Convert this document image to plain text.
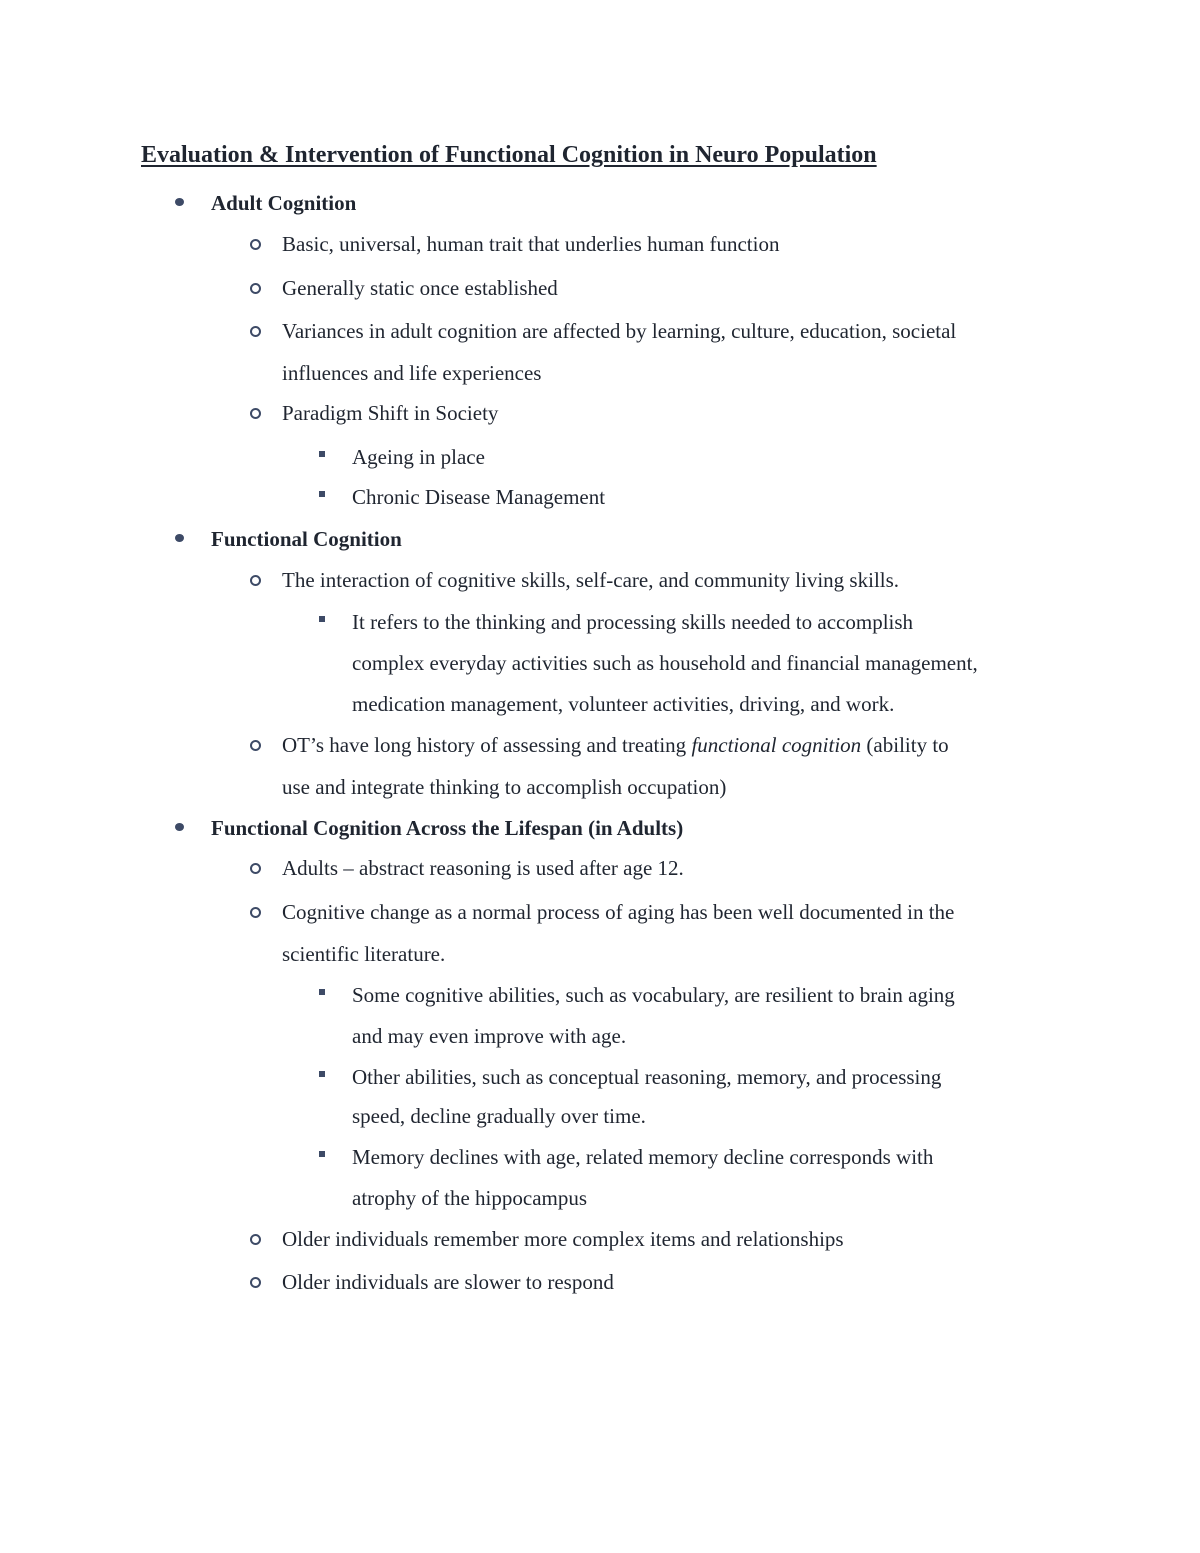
Evaluation & Intervention of Functional Cognition in Neuro Population
Adult Cognition
Basic, universal, human trait that underlies human function
Generally static once established
Variances in adult cognition are affected by learning, culture, education, societal
influences and life experiences
Paradigm Shift in Society
Ageing in place
Chronic Disease Management
Functional Cognition
The interaction of cognitive skills, self-care, and community living skills.
It refers to the thinking and processing skills needed to accomplish
complex everyday activities such as household and financial management,
medication management, volunteer activities, driving, and work.
OT’s have long history of assessing and treating functional cognition (ability to
use and integrate thinking to accomplish occupation)
Functional Cognition Across the Lifespan (in Adults)
Adults – abstract reasoning is used after age 12.
Cognitive change as a normal process of aging has been well documented in the
scientific literature.
Some cognitive abilities, such as vocabulary, are resilient to brain aging
and may even improve with age.
Other abilities, such as conceptual reasoning, memory, and processing
speed, decline gradually over time.
Memory declines with age, related memory decline corresponds with
atrophy of the hippocampus
Older individuals remember more complex items and relationships
Older individuals are slower to respond
